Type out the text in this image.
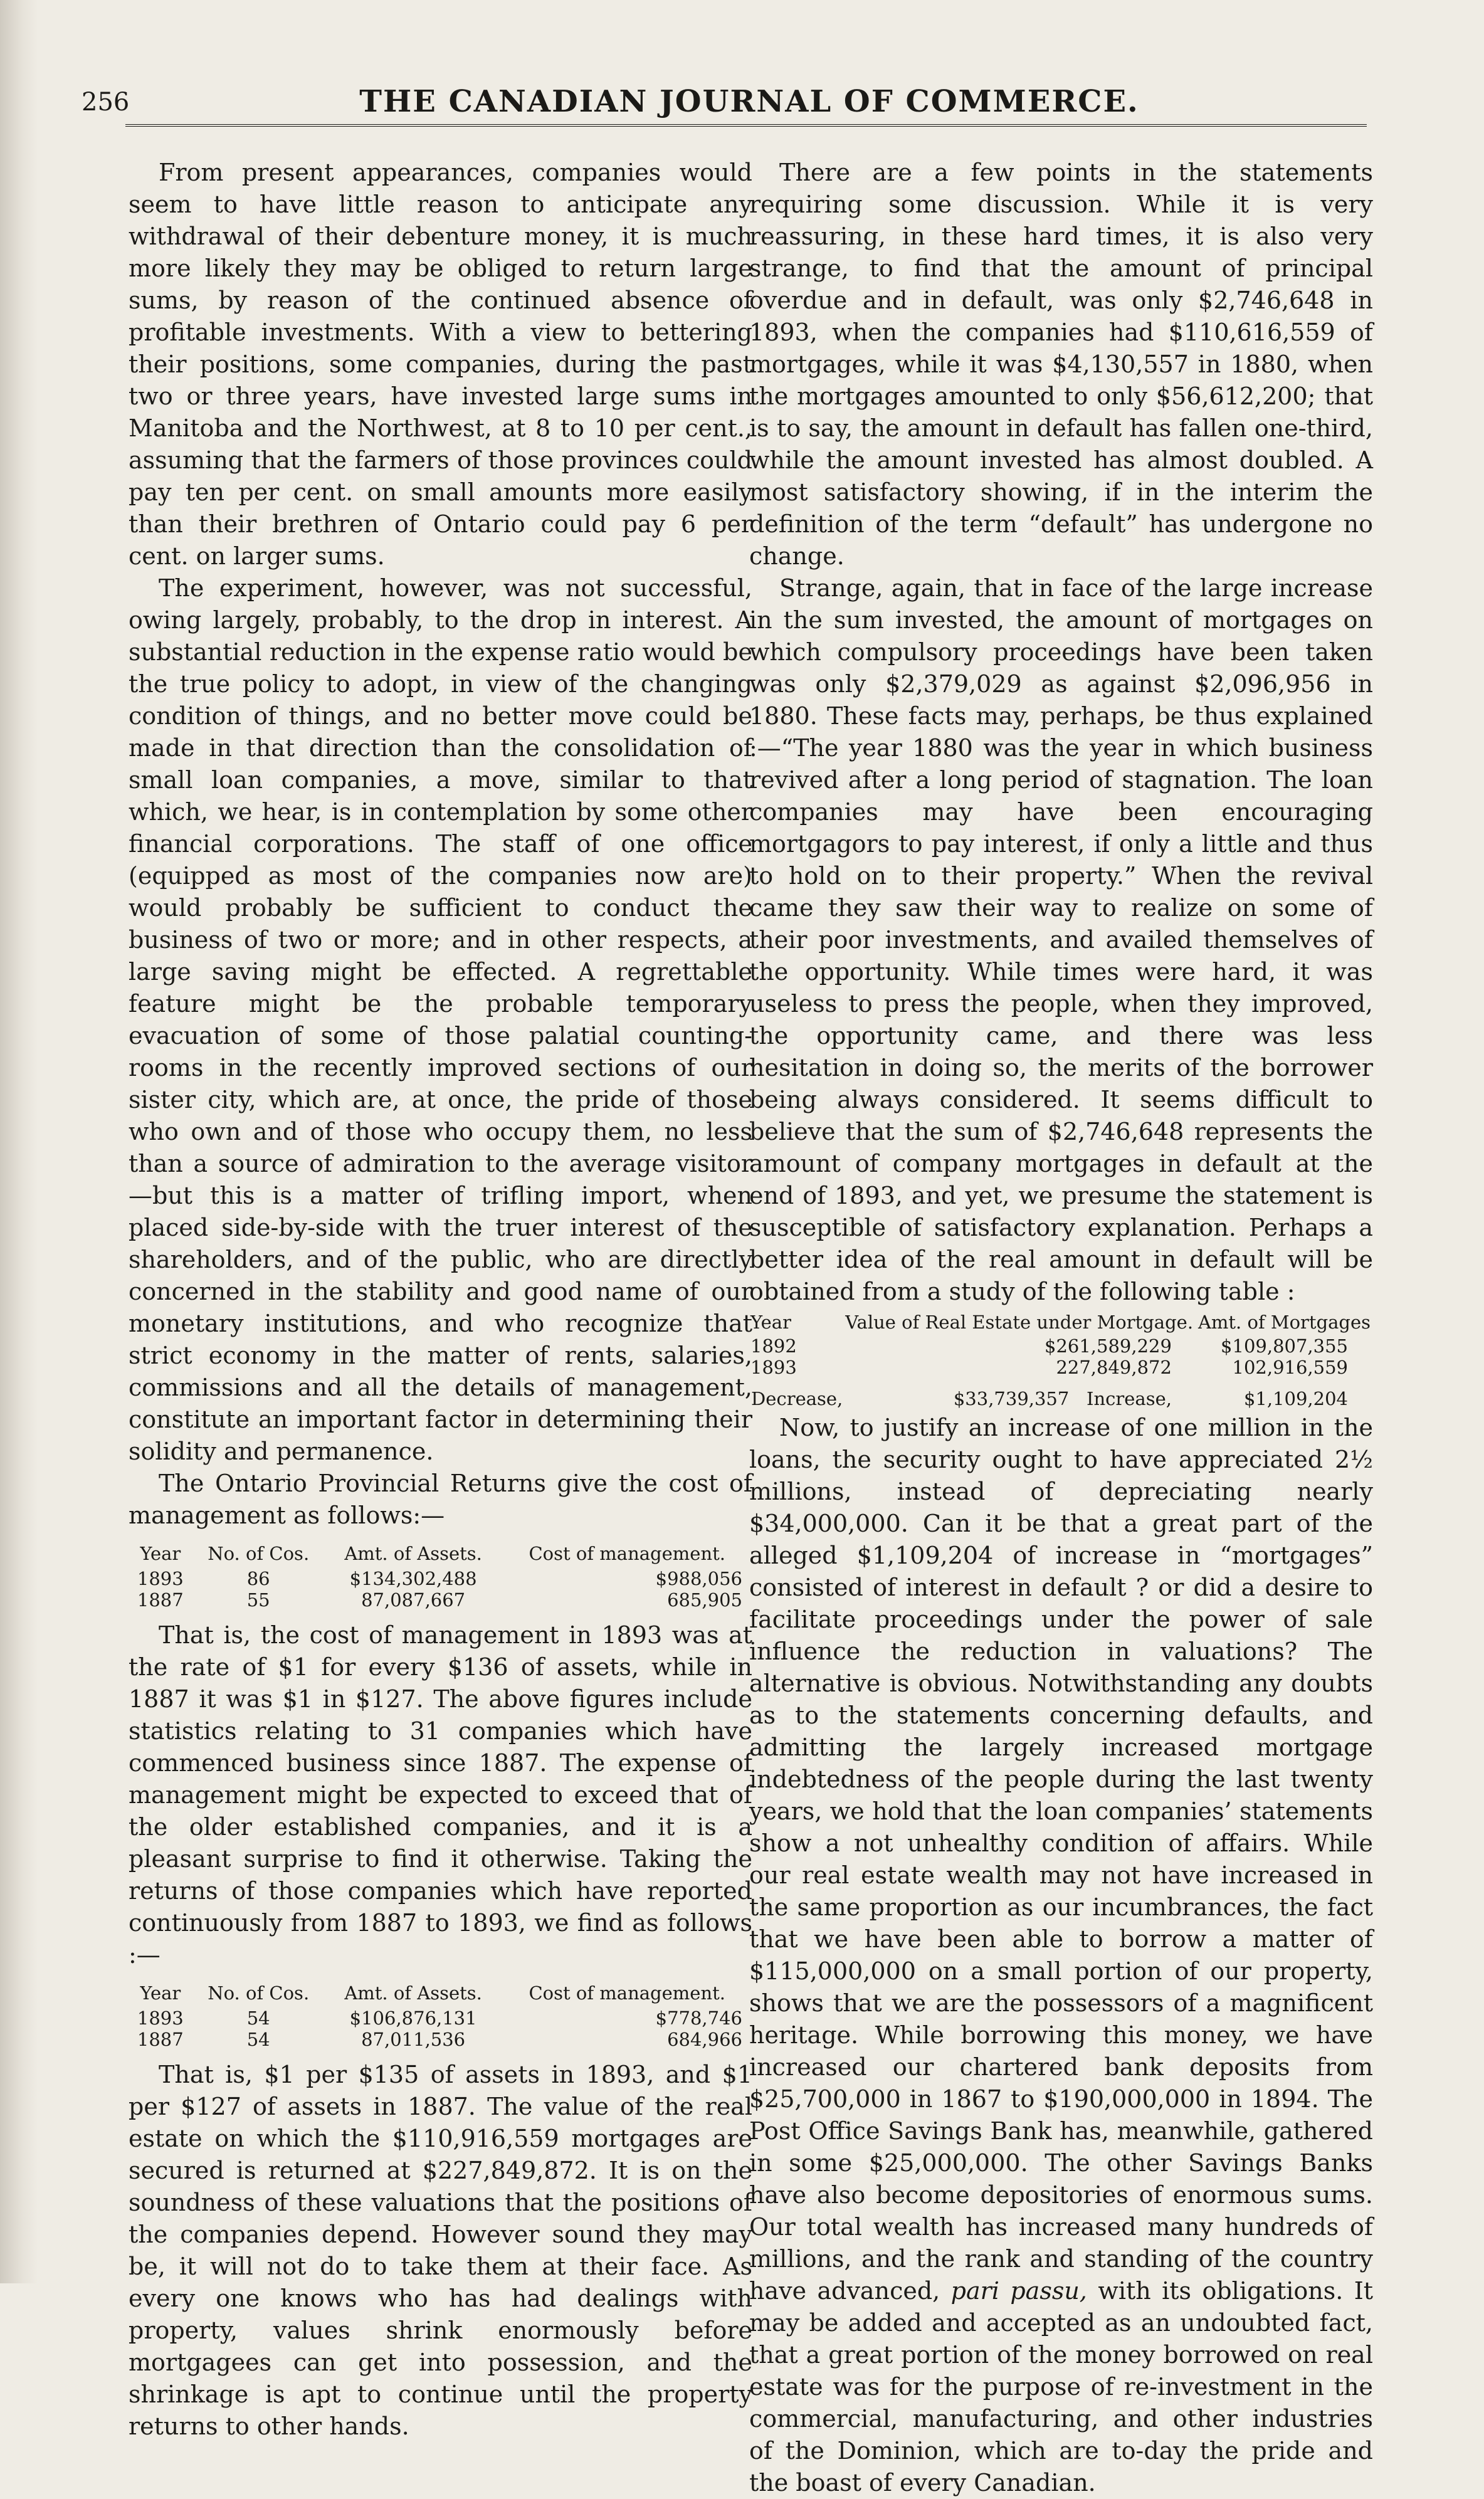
256	THE CANADIAN JOURNAL OF COMMERCE.

From present appearances, companies would seem to have little reason to anticipate any withdrawal of their debenture money, it is much more likely they may be obliged to return large sums, by reason of the continued absence of profitable investments. With a view to bettering their positions, some companies, during the past two or three years, have invested large sums in Manitoba and the Northwest, at 8 to 10 per cent., assuming that the farmers of those provinces could pay ten per cent. on small amounts more easily than their brethren of Ontario could pay 6 per cent. on larger sums.

The experiment, however, was not successful, owing largely, probably, to the drop in interest. A substantial reduction in the expense ratio would be the true policy to adopt, in view of the changing condition of things, and no better move could be made in that direction than the consolidation of small loan companies, a move, similar to that which, we hear, is in contemplation by some other financial corporations. The staff of one office (equipped as most of the companies now are) would probably be sufficient to conduct the business of two or more; and in other respects, a large saving might be effected. A regrettable feature might be the probable temporary evacuation of some of those palatial counting-rooms in the recently improved sections of our sister city, which are, at once, the pride of those who own and of those who occupy them, no less than a source of admiration to the average visitor—but this is a matter of trifling import, when placed side-by-side with the truer interest of the shareholders, and of the public, who are directly concerned in the stability and good name of our monetary institutions, and who recognize that strict economy in the matter of rents, salaries, commissions and all the details of management, constitute an important factor in determining their solidity and permanence.

The Ontario Provincial Returns give the cost of management as follows:—

Year	No. of Cos.	Amt. of Assets.	Cost of management.
1893	86	$134,302,488	$988,056
1887	55	87,087,667	685,905

That is, the cost of management in 1893 was at the rate of $1 for every $136 of assets, while in 1887 it was $1 in $127. The above figures include statistics relating to 31 companies which have commenced business since 1887. The expense of management might be expected to exceed that of the older established companies, and it is a pleasant surprise to find it otherwise. Taking the returns of those companies which have reported continuously from 1887 to 1893, we find as follows :—

Year	No. of Cos.	Amt. of Assets.	Cost of management.
1893	54	$106,876,131	$778,746
1887	54	87,011,536	684,966

That is, $1 per $135 of assets in 1893, and $1 per $127 of assets in 1887. The value of the real estate on which the $110,916,559 mortgages are secured is returned at $227,849,872. It is on the soundness of these valuations that the positions of the companies depend. However sound they may be, it will not do to take them at their face. As every one knows who has had dealings with property, values shrink enormously before mortgagees can get into possession, and the shrinkage is apt to continue until the property returns to other hands.

There are a few points in the statements requiring some discussion. While it is very reassuring, in these hard times, it is also very strange, to find that the amount of principal overdue and in default, was only $2,746,648 in 1893, when the companies had $110,616,559 of mortgages, while it was $4,130,557 in 1880, when the mortgages amounted to only $56,612,200; that is to say, the amount in default has fallen one-third, while the amount invested has almost doubled. A most satisfactory showing, if in the interim the definition of the term “default” has undergone no change.

Strange, again, that in face of the large increase in the sum invested, the amount of mortgages on which compulsory proceedings have been taken was only $2,379,029 as against $2,096,956 in 1880. These facts may, perhaps, be thus explained :—“The year 1880 was the year in which business revived after a long period of stagnation. The loan companies may have been encouraging mortgagors to pay interest, if only a little and thus to hold on to their property.” When the revival came they saw their way to realize on some of their poor investments, and availed themselves of the opportunity. While times were hard, it was useless to press the people, when they improved, the opportunity came, and there was less hesitation in doing so, the merits of the borrower being always considered. It seems difficult to believe that the sum of $2,746,648 represents the amount of company mortgages in default at the end of 1893, and yet, we presume the statement is susceptible of satisfactory explanation. Perhaps a better idea of the real amount in default will be obtained from a study of the following table :

Year	Value of Real Estate under Mortgage.	Amt. of Mortgages
1892	$261,589,229	$109,807,355
1893	227,849,872	102,916,559
Decrease,	$33,739,357 Increase,	$1,109,204

Now, to justify an increase of one million in the loans, the security ought to have appreciated 2½ millions, instead of depreciating nearly $34,000,000. Can it be that a great part of the alleged $1,109,204 of increase in “mortgages” consisted of interest in default ? or did a desire to facilitate proceedings under the power of sale influence the reduction in valuations? The alternative is obvious. Notwithstanding any doubts as to the statements concerning defaults, and admitting the largely increased mortgage indebtedness of the people during the last twenty years, we hold that the loan companies’ statements show a not unhealthy condition of affairs. While our real estate wealth may not have increased in the same proportion as our incumbrances, the fact that we have been able to borrow a matter of $115,000,000 on a small portion of our property, shows that we are the possessors of a magnificent heritage. While borrowing this money, we have increased our chartered bank deposits from $25,700,000 in 1867 to $190,000,000 in 1894. The Post Office Savings Bank has, meanwhile, gathered in some $25,000,000. The other Savings Banks have also become depositories of enormous sums. Our total wealth has increased many hundreds of millions, and the rank and standing of the country have advanced, pari passu, with its obligations. It may be added and accepted as an undoubted fact, that a great portion of the money borrowed on real estate was for the purpose of re-investment in the commercial, manufacturing, and other industries of the Dominion, which are to-day the pride and the boast of every Canadian.
